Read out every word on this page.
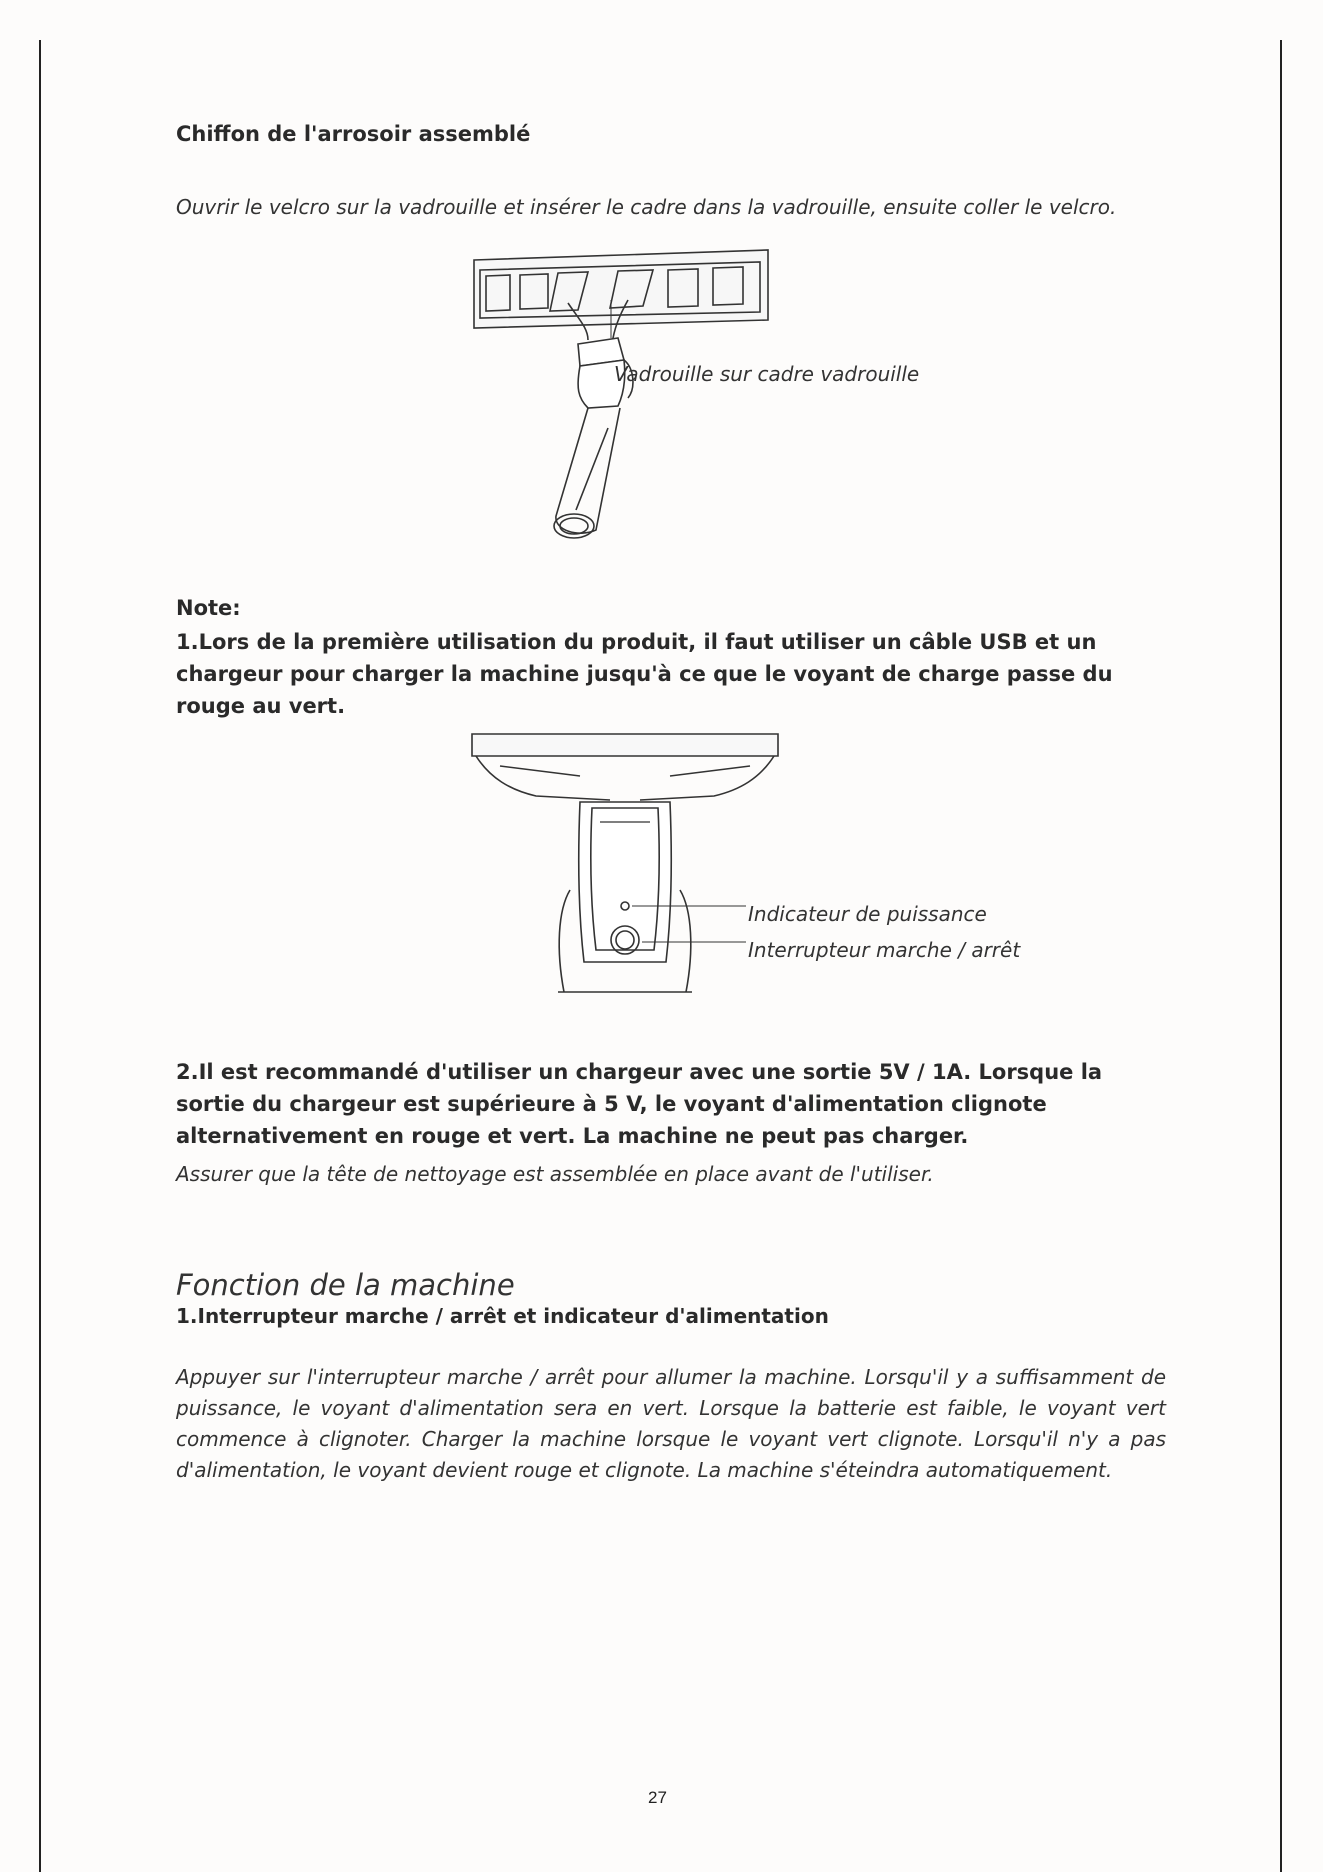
Chiffon de l'arrosoir assemblé
Ouvrir le velcro sur la vadrouille et insérer le cadre dans la vadrouille, ensuite coller le velcro.
Vadrouille sur cadre vadrouille
Note:
1.Lors de la première utilisation du produit, il faut utiliser un câble USB et un chargeur pour charger la machine jusqu'à ce que le voyant de charge passe du rouge au vert.
Indicateur de puissance
Interrupteur marche / arrêt
2.Il est recommandé d'utiliser un chargeur avec une sortie 5V / 1A. Lorsque la sortie du chargeur est supérieure à 5 V, le voyant d'alimentation clignote alternativement en rouge et vert. La machine ne peut pas charger.
Assurer que la tête de nettoyage est assemblée en place avant de l'utiliser.
Fonction de la machine
1.Interrupteur marche / arrêt et indicateur d'alimentation
Appuyer sur l'interrupteur marche / arrêt pour allumer la machine. Lorsqu'il y a suffisamment de puissance, le voyant d'alimentation sera en vert. Lorsque la batterie est faible, le voyant vert commence à clignoter. Charger la machine lorsque le voyant vert clignote. Lorsqu'il n'y a pas d'alimentation, le voyant devient rouge et clignote. La machine s'éteindra automatiquement.
27
